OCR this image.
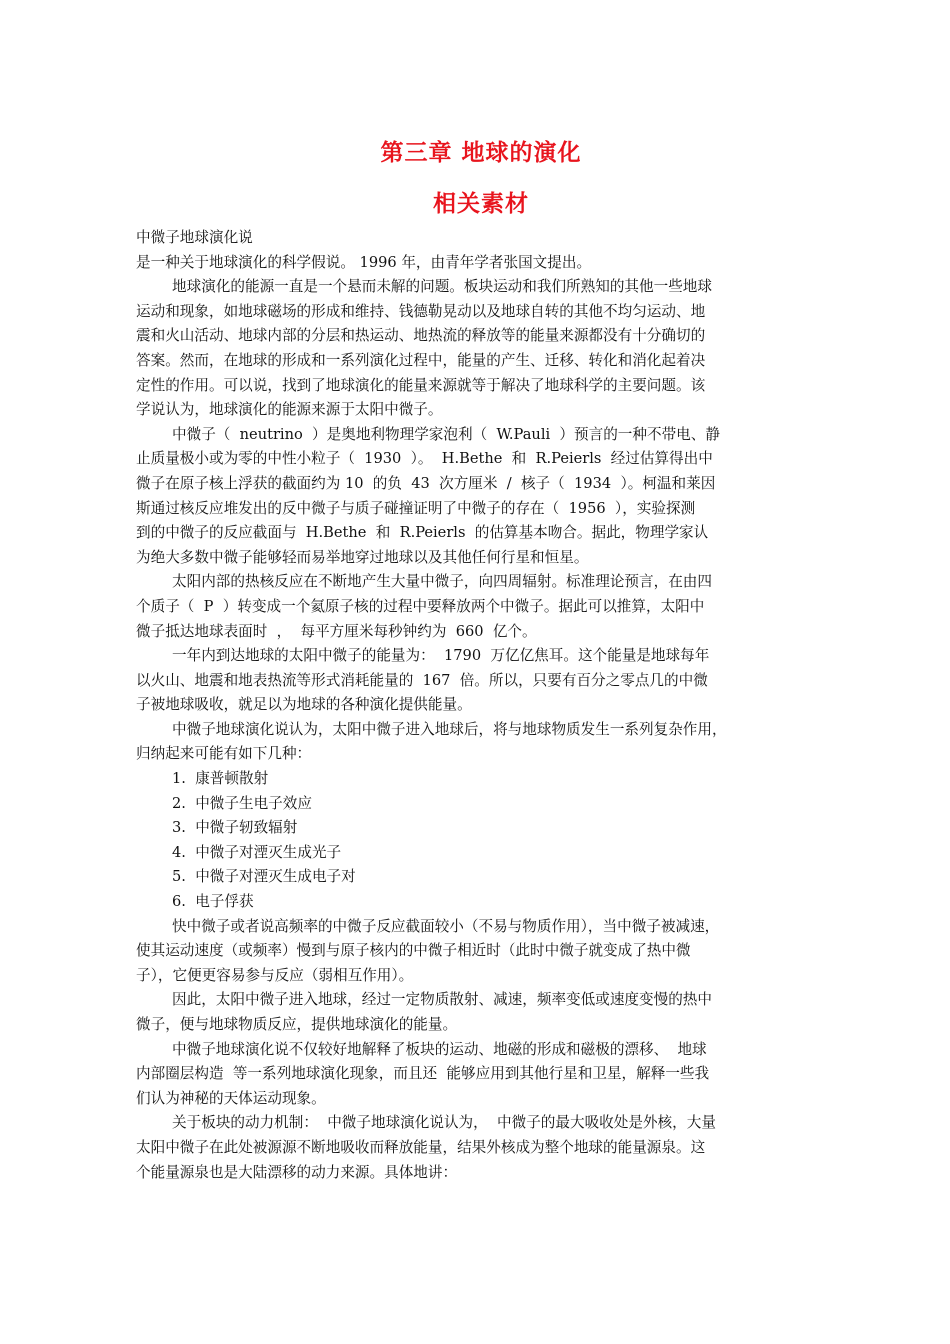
第三章 地球的演化
相关素材
中微子地球演化说
是一种关于地球演化的科学假说。 1996 年，由青年学者张国文提出。
地球演化的能源一直是一个悬而未解的问题。板块运动和我们所熟知的其他一些地球
运动和现象，如地球磁场的形成和维持、钱德勒晃动以及地球自转的其他不均匀运动、地
震和火山活动、地球内部的分层和热运动、地热流的释放等的能量来源都没有十分确切的
答案。然而，在地球的形成和一系列演化过程中，能量的产生、迁移、转化和消化起着决
定性的作用。可以说，找到了地球演化的能量来源就等于解决了地球科学的主要问题。该
学说认为，地球演化的能源来源于太阳中微子。
中微子（  neutrino  ）是奥地利物理学家泡利（  W.Pauli  ）预言的一种不带电、静
止质量极小或为零的中性小粒子（  1930  ）。  H.Bethe  和  R.Peierls  经过估算得出中
微子在原子核上浮获的截面约为 10  的负  43  次方厘米  /  核子（  1934  ）。柯温和莱因
斯通过核反应堆发出的反中微子与质子碰撞证明了中微子的存在（  1956  ），实验探测
到的中微子的反应截面与  H.Bethe  和  R.Peierls  的估算基本吻合。据此，物理学家认
为绝大多数中微子能够轻而易举地穿过地球以及其他任何行星和恒星。
太阳内部的热核反应在不断地产生大量中微子，向四周辐射。标准理论预言，在由四
个质子（  P  ）转变成一个氦原子核的过程中要释放两个中微子。据此可以推算，太阳中
微子抵达地球表面时  ，  每平方厘米每秒钟约为  660  亿个。
一年内到达地球的太阳中微子的能量为：  1790  万亿亿焦耳。这个能量是地球每年
以火山、地震和地表热流等形式消耗能量的  167  倍。所以，只要有百分之零点几的中微
子被地球吸收，就足以为地球的各种演化提供能量。
中微子地球演化说认为，太阳中微子进入地球后，将与地球物质发生一系列复杂作用，
归纳起来可能有如下几种：
1.  康普顿散射
2.  中微子生电子效应
3.  中微子轫致辐射
4.  中微子对湮灭生成光子
5.  中微子对湮灭生成电子对
6.  电子俘获
快中微子或者说高频率的中微子反应截面较小（不易与物质作用），当中微子被减速，
使其运动速度（或频率）慢到与原子核内的中微子相近时（此时中微子就变成了热中微
子），它便更容易参与反应（弱相互作用）。
因此，太阳中微子进入地球，经过一定物质散射、减速，频率变低或速度变慢的热中
微子，便与地球物质反应，提供地球演化的能量。
中微子地球演化说不仅较好地解释了板块的运动、地磁的形成和磁极的漂移、  地球
内部圈层构造  等一系列地球演化现象，而且还  能够应用到其他行星和卫星，解释一些我
们认为神秘的天体运动现象。
关于板块的动力机制：  中微子地球演化说认为，  中微子的最大吸收处是外核，大量
太阳中微子在此处被源源不断地吸收而释放能量，结果外核成为整个地球的能量源泉。这
个能量源泉也是大陆漂移的动力来源。具体地讲：
